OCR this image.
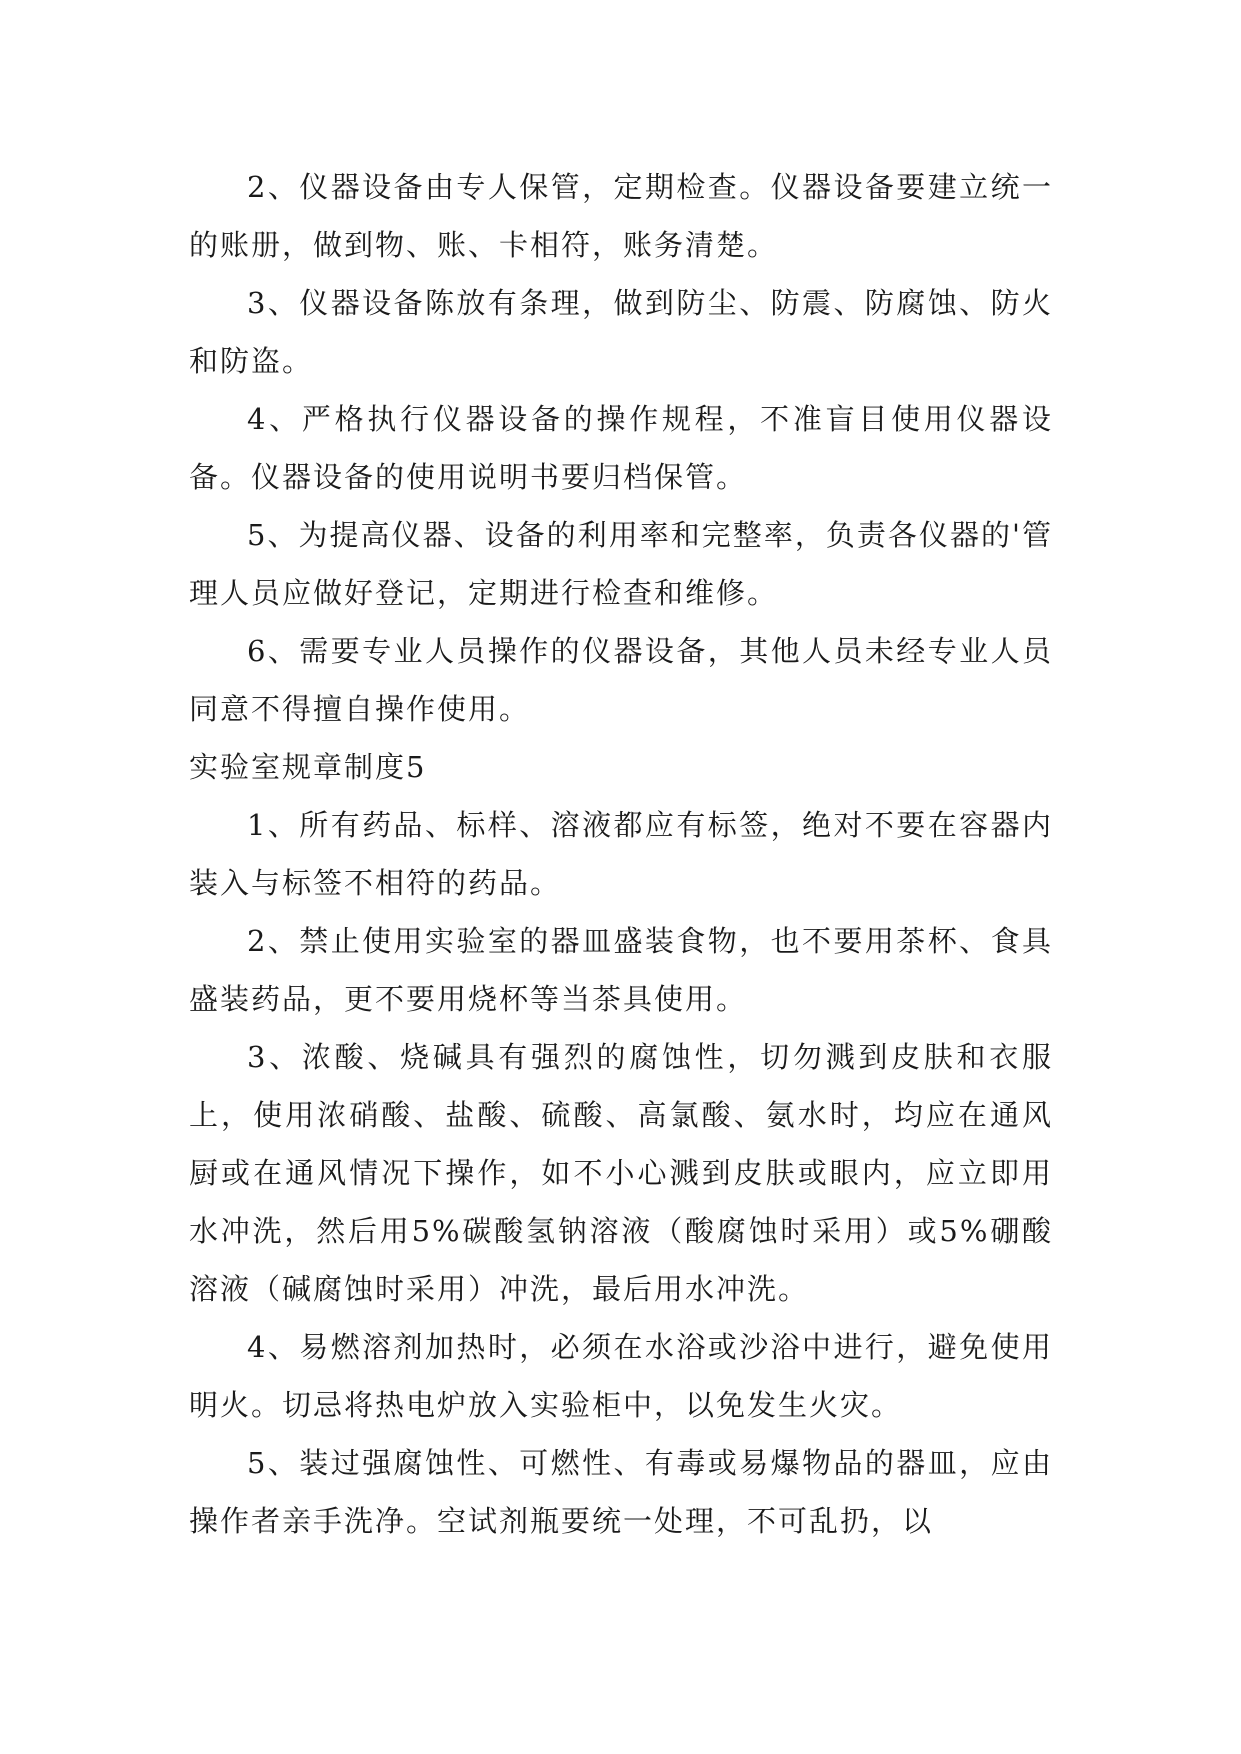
2、仪器设备由专人保管，定期检查。仪器设备要建立统一的账册，做到物、账、卡相符，账务清楚。

3、仪器设备陈放有条理，做到防尘、防震、防腐蚀、防火和防盗。

4、严格执行仪器设备的操作规程，不准盲目使用仪器设备。仪器设备的使用说明书要归档保管。

5、为提高仪器、设备的利用率和完整率，负责各仪器的'管理人员应做好登记，定期进行检查和维修。

6、需要专业人员操作的仪器设备，其他人员未经专业人员同意不得擅自操作使用。

实验室规章制度5

1、所有药品、标样、溶液都应有标签，绝对不要在容器内装入与标签不相符的药品。

2、禁止使用实验室的器皿盛装食物，也不要用茶杯、食具盛装药品，更不要用烧杯等当茶具使用。

3、浓酸、烧碱具有强烈的腐蚀性，切勿溅到皮肤和衣服上，使用浓硝酸、盐酸、硫酸、高氯酸、氨水时，均应在通风厨或在通风情况下操作，如不小心溅到皮肤或眼内，应立即用水冲洗，然后用5%碳酸氢钠溶液（酸腐蚀时采用）或5%硼酸溶液（碱腐蚀时采用）冲洗，最后用水冲洗。

4、易燃溶剂加热时，必须在水浴或沙浴中进行，避免使用明火。切忌将热电炉放入实验柜中，以免发生火灾。

5、装过强腐蚀性、可燃性、有毒或易爆物品的器皿，应由操作者亲手洗净。空试剂瓶要统一处理，不可乱扔，以
